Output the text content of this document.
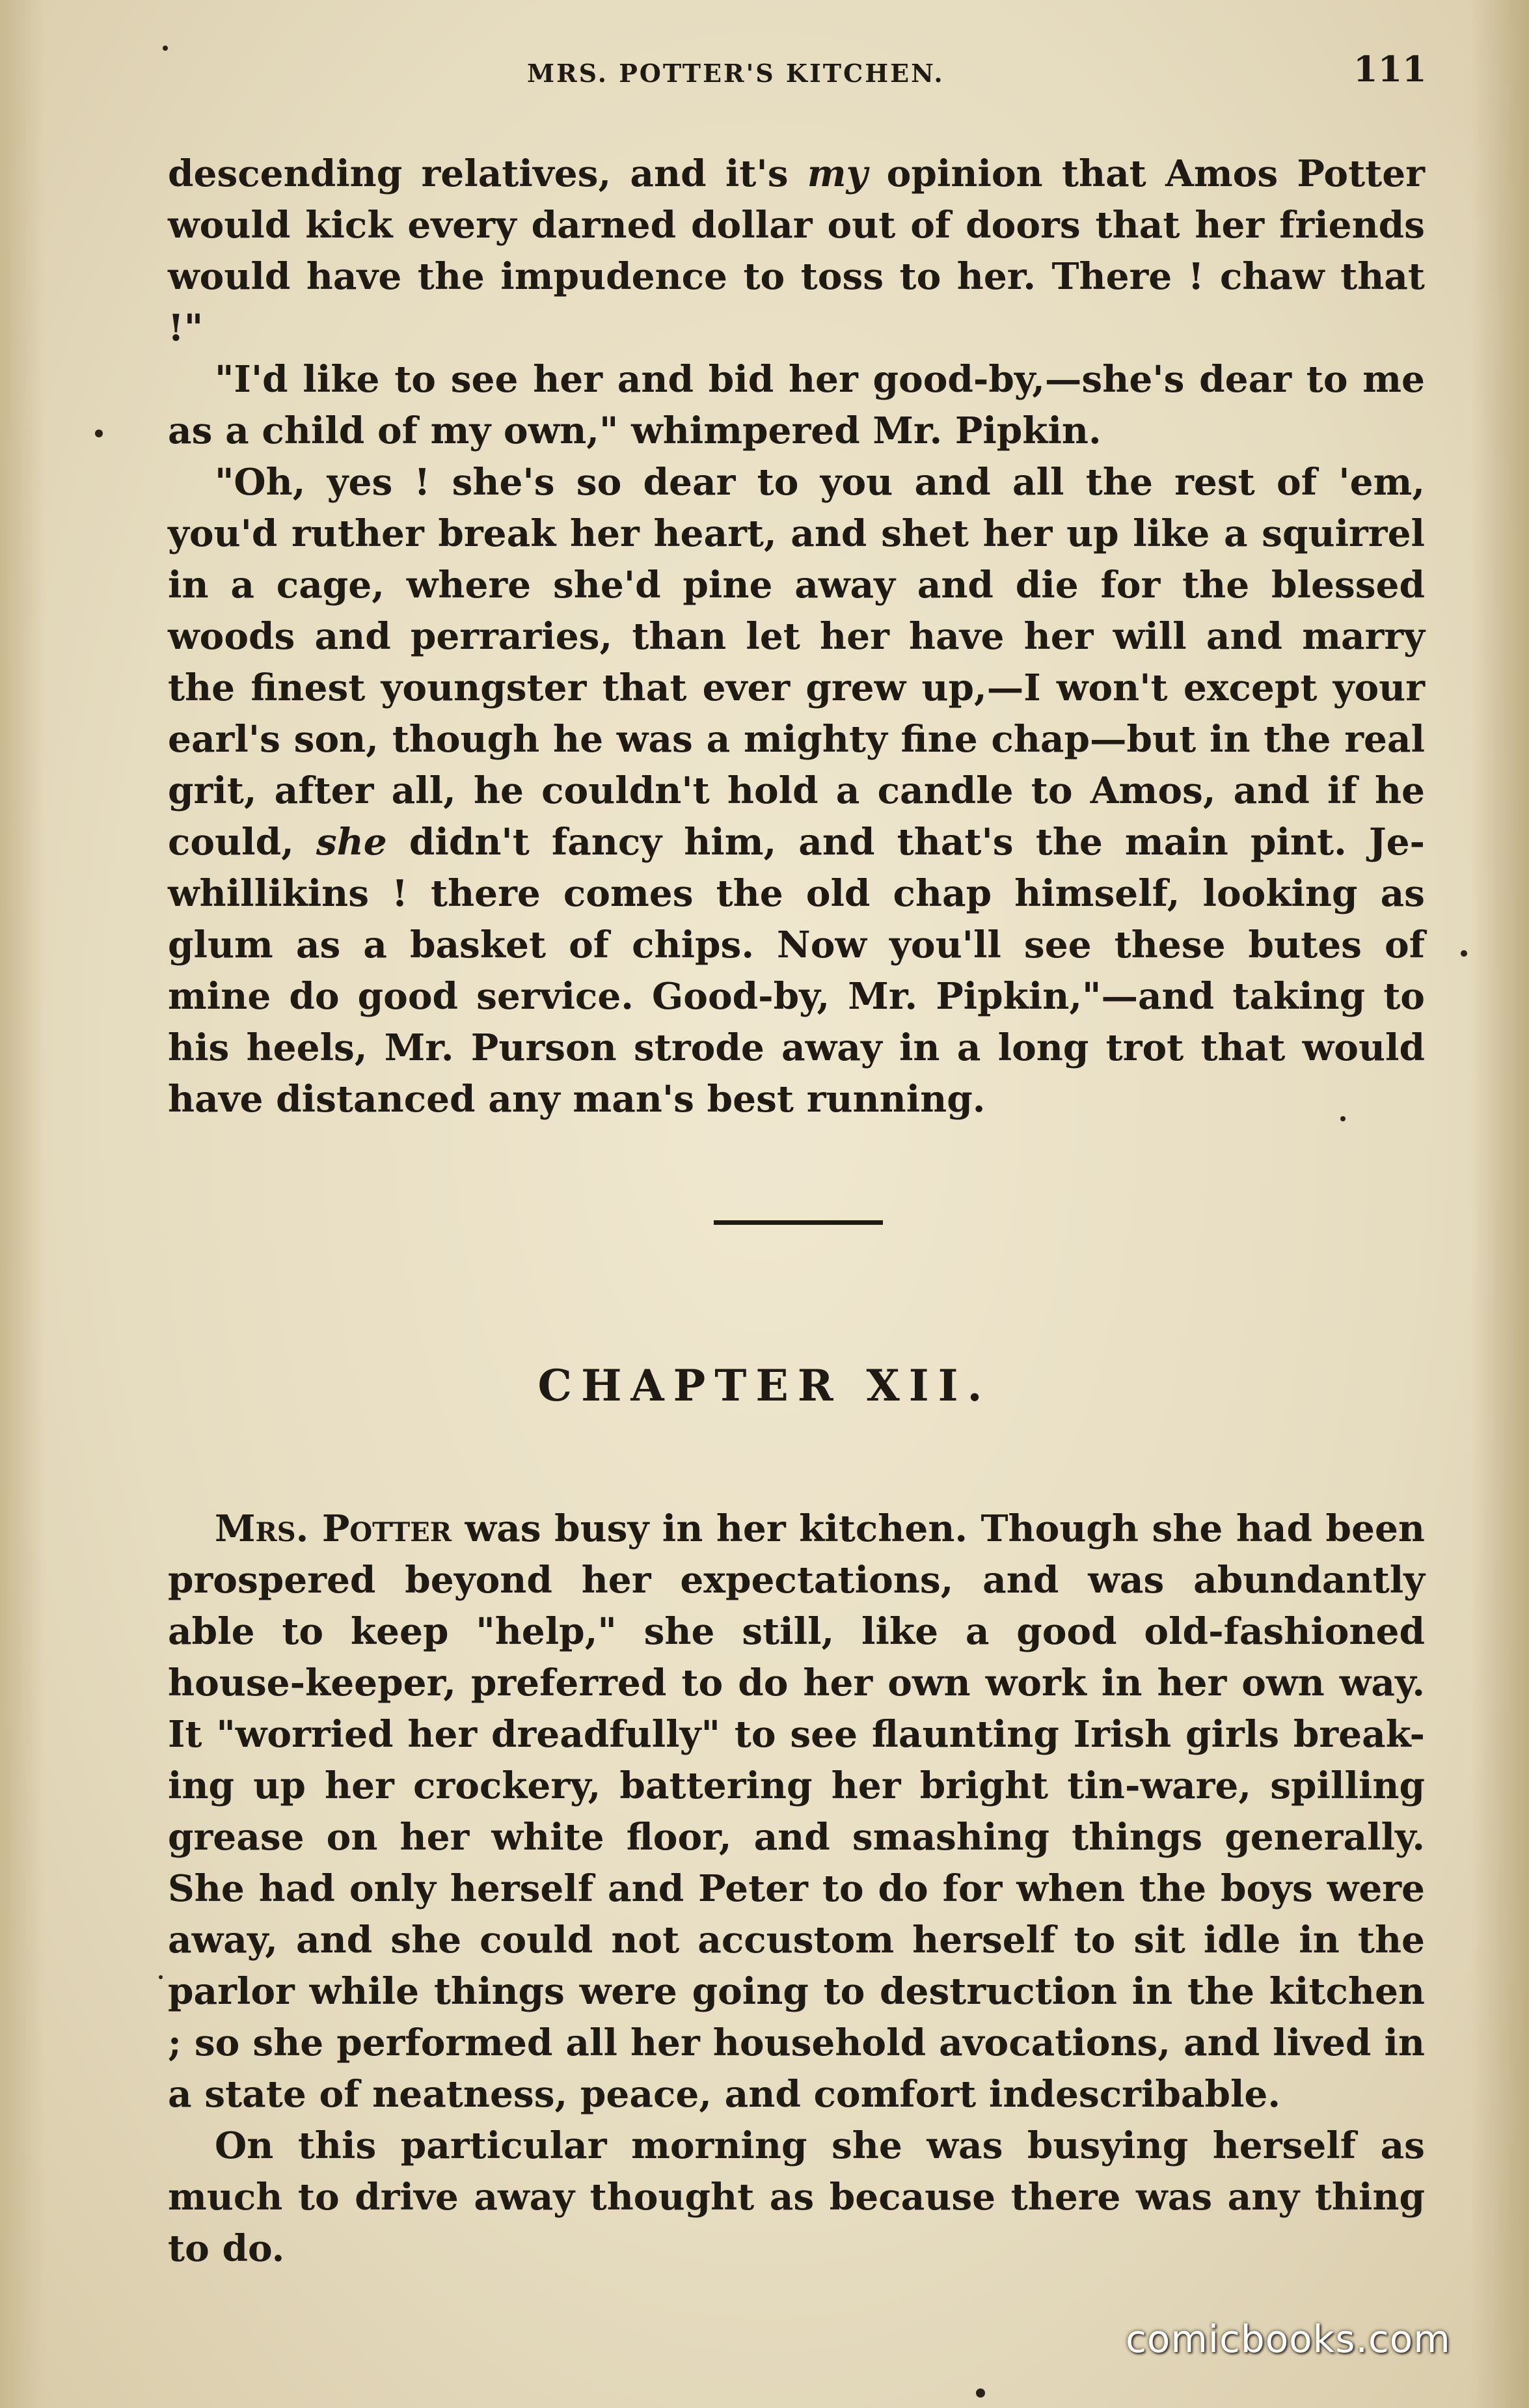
MRS. POTTER'S KITCHEN.	111

descending relatives, and it's my opinion that Amos Potter would kick every darned dollar out of doors that her friends would have the impudence to toss to her. There ! chaw that !"

"I'd like to see her and bid her good-by,—she's dear to me as a child of my own," whimpered Mr. Pipkin.

"Oh, yes ! she's so dear to you and all the rest of 'em, you'd ruther break her heart, and shet her up like a squirrel in a cage, where she'd pine away and die for the blessed woods and perraries, than let her have her will and marry the finest youngster that ever grew up,—I won't except your earl's son, though he was a mighty fine chap—but in the real grit, after all, he couldn't hold a candle to Amos, and if he could, she didn't fancy him, and that's the main pint. Je-whillikins ! there comes the old chap himself, looking as glum as a basket of chips. Now you'll see these butes of mine do good service. Good-by, Mr. Pipkin,"—and taking to his heels, Mr. Purson strode away in a long trot that would have distanced any man's best running.

CHAPTER XII.

Mrs. Potter was busy in her kitchen. Though she had been prospered beyond her expectations, and was abundantly able to keep "help," she still, like a good old-fashioned house-keeper, preferred to do her own work in her own way. It "worried her dreadfully" to see flaunting Irish girls break-ing up her crockery, battering her bright tin-ware, spilling grease on her white floor, and smashing things generally. She had only herself and Peter to do for when the boys were away, and she could not accustom herself to sit idle in the parlor while things were going to destruction in the kitchen ; so she performed all her household avocations, and lived in a state of neatness, peace, and comfort indescribable.

On this particular morning she was busying herself as much to drive away thought as because there was any thing to do.

comicbooks.com
